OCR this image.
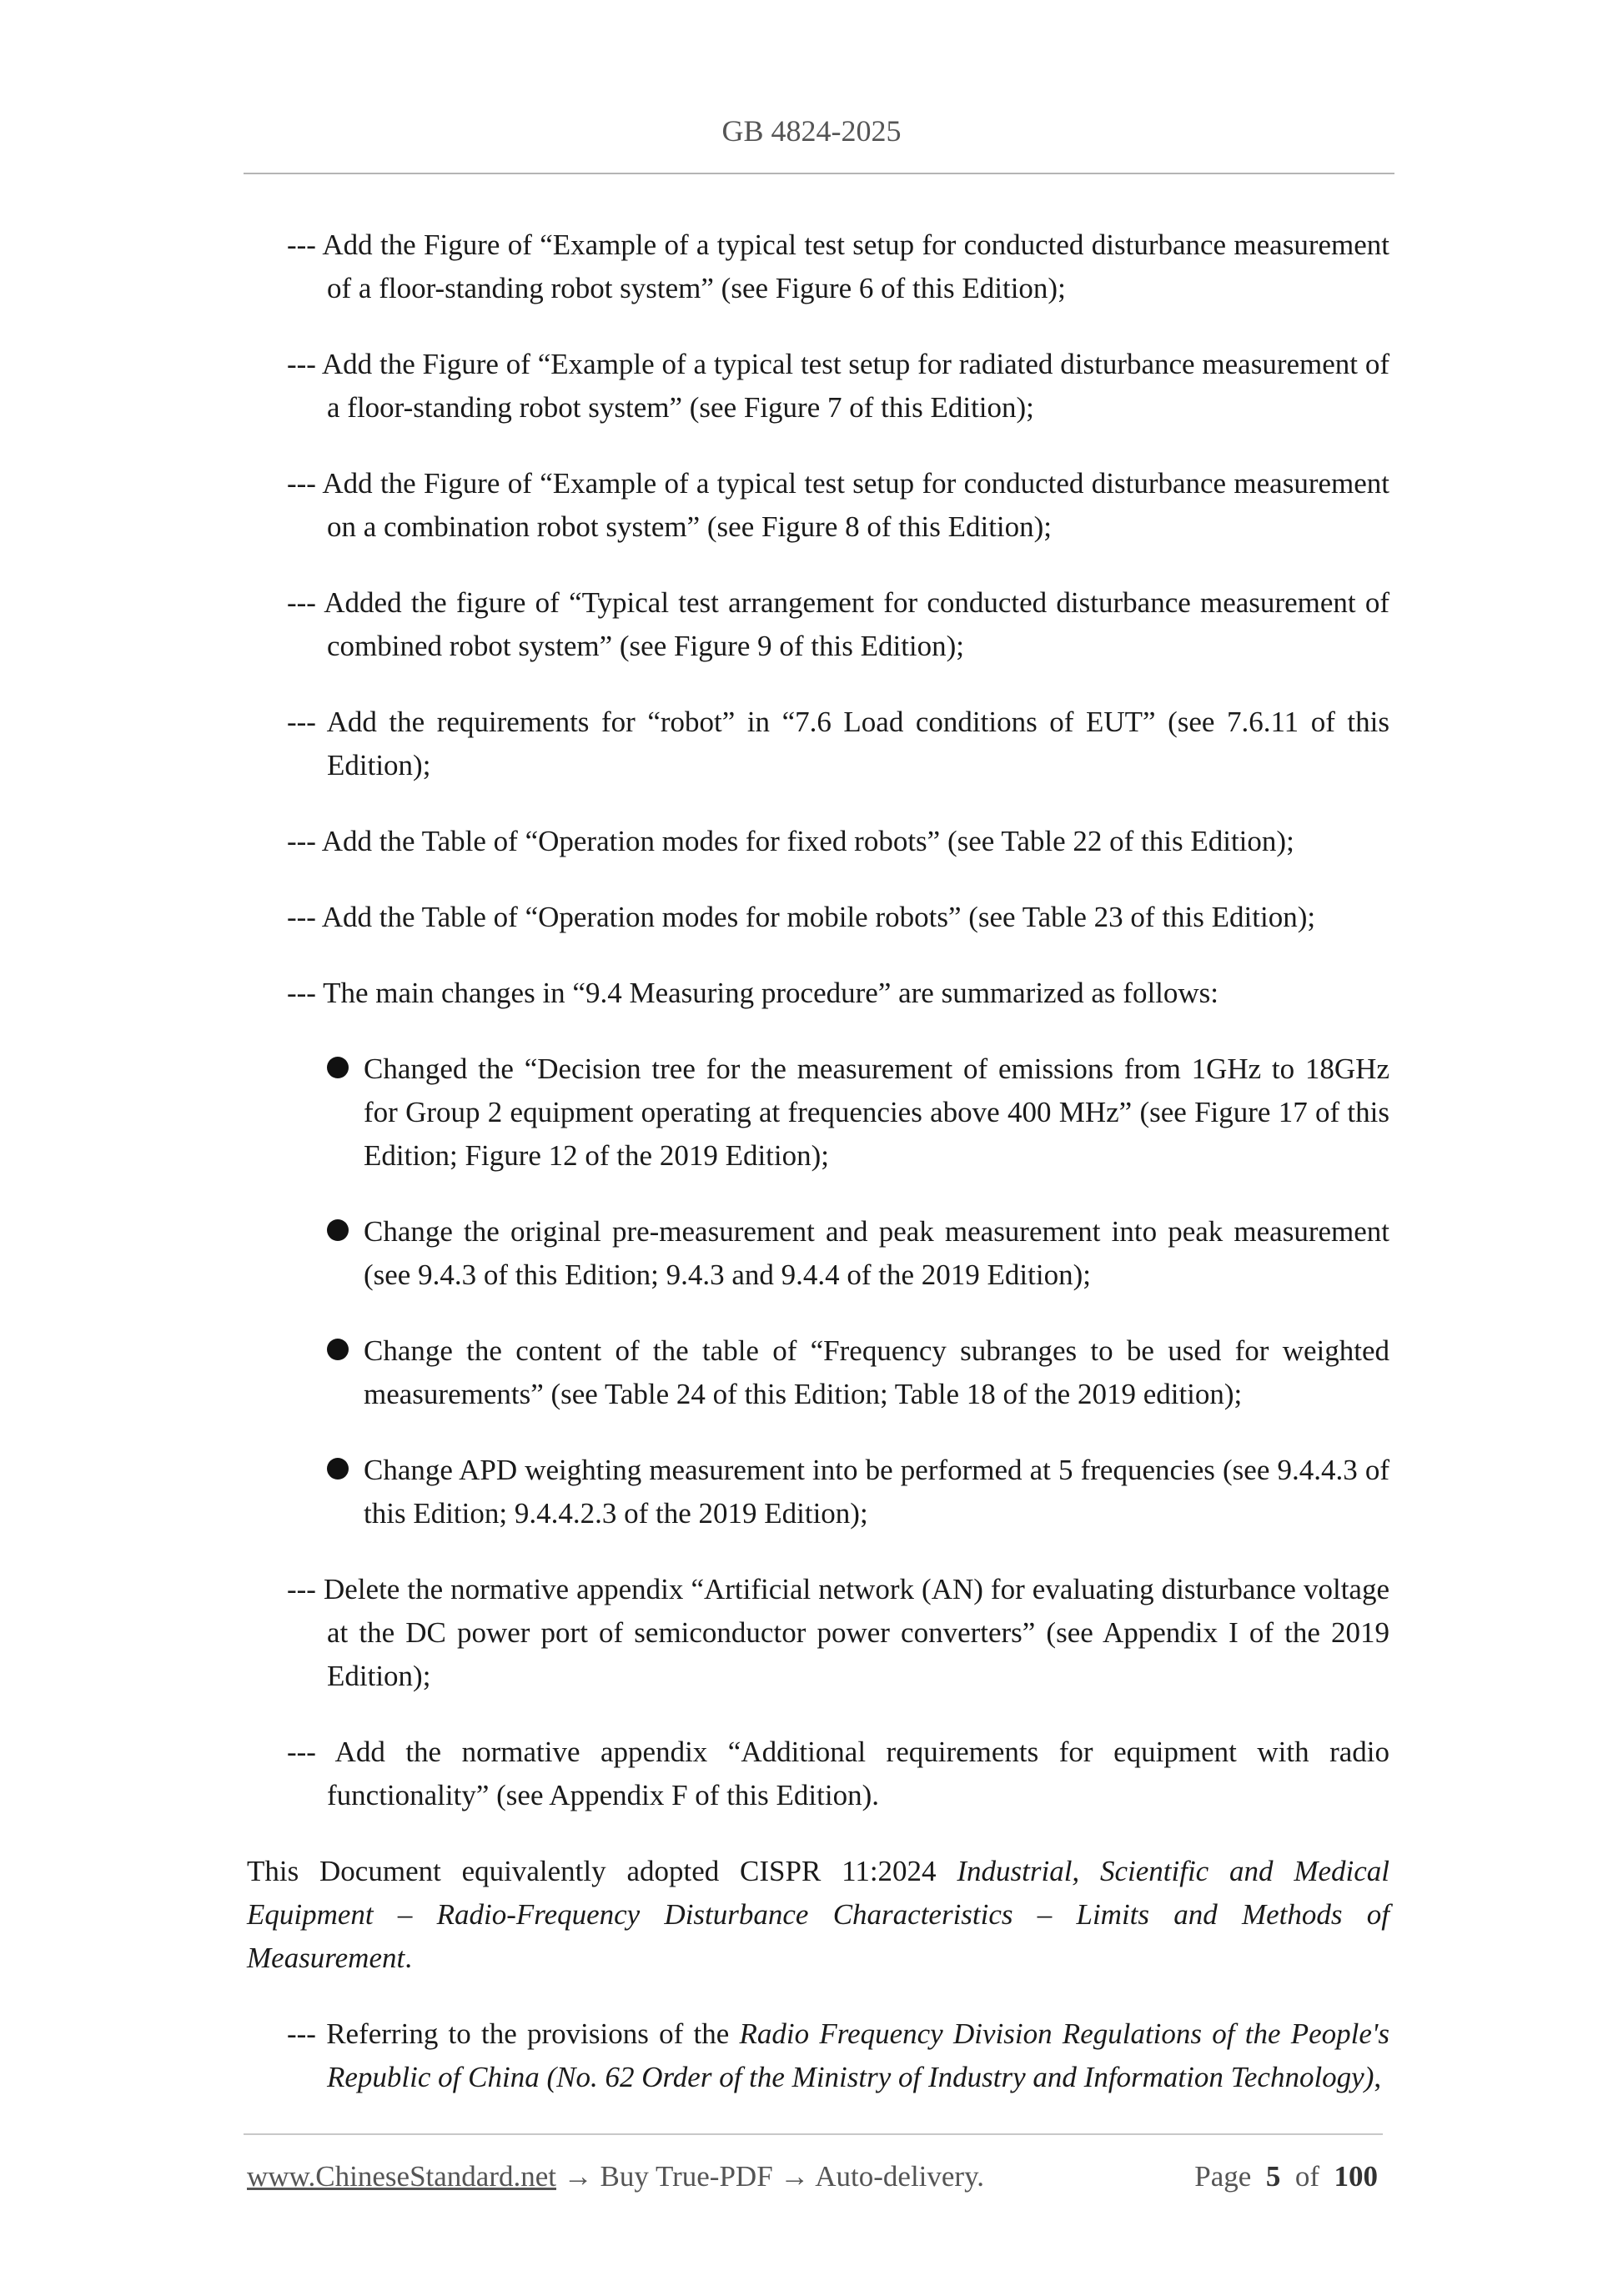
GB 4824-2025
--- Add the Figure of “Example of a typical test setup for conducted disturbance measurement of a floor-standing robot system” (see Figure 6 of this Edition);
--- Add the Figure of “Example of a typical test setup for radiated disturbance measurement of a floor-standing robot system” (see Figure 7 of this Edition);
--- Add the Figure of “Example of a typical test setup for conducted disturbance measurement on a combination robot system” (see Figure 8 of this Edition);
--- Added the figure of “Typical test arrangement for conducted disturbance measurement of combined robot system” (see Figure 9 of this Edition);
--- Add the requirements for “robot” in “7.6 Load conditions of EUT” (see 7.6.11 of this Edition);
--- Add the Table of “Operation modes for fixed robots” (see Table 22 of this Edition);
--- Add the Table of “Operation modes for mobile robots” (see Table 23 of this Edition);
--- The main changes in “9.4 Measuring procedure” are summarized as follows:
Changed the “Decision tree for the measurement of emissions from 1GHz to 18GHz for Group 2 equipment operating at frequencies above 400 MHz” (see Figure 17 of this Edition; Figure 12 of the 2019 Edition);
Change the original pre-measurement and peak measurement into peak measurement (see 9.4.3 of this Edition; 9.4.3 and 9.4.4 of the 2019 Edition);
Change the content of the table of “Frequency subranges to be used for weighted measurements” (see Table 24 of this Edition; Table 18 of the 2019 edition);
Change APD weighting measurement into be performed at 5 frequencies (see 9.4.4.3 of this Edition; 9.4.4.2.3 of the 2019 Edition);
--- Delete the normative appendix “Artificial network (AN) for evaluating disturbance voltage at the DC power port of semiconductor power converters” (see Appendix I of the 2019 Edition);
--- Add the normative appendix “Additional requirements for equipment with radio functionality” (see Appendix F of this Edition).
This Document equivalently adopted CISPR 11:2024 Industrial, Scientific and Medical Equipment – Radio-Frequency Disturbance Characteristics – Limits and Methods of Measurement.
--- Referring to the provisions of the Radio Frequency Division Regulations of the People's Republic of China (No. 62 Order of the Ministry of Industry and Information Technology),
www.ChineseStandard.net → Buy True-PDF → Auto-delivery.	Page 5 of 100
